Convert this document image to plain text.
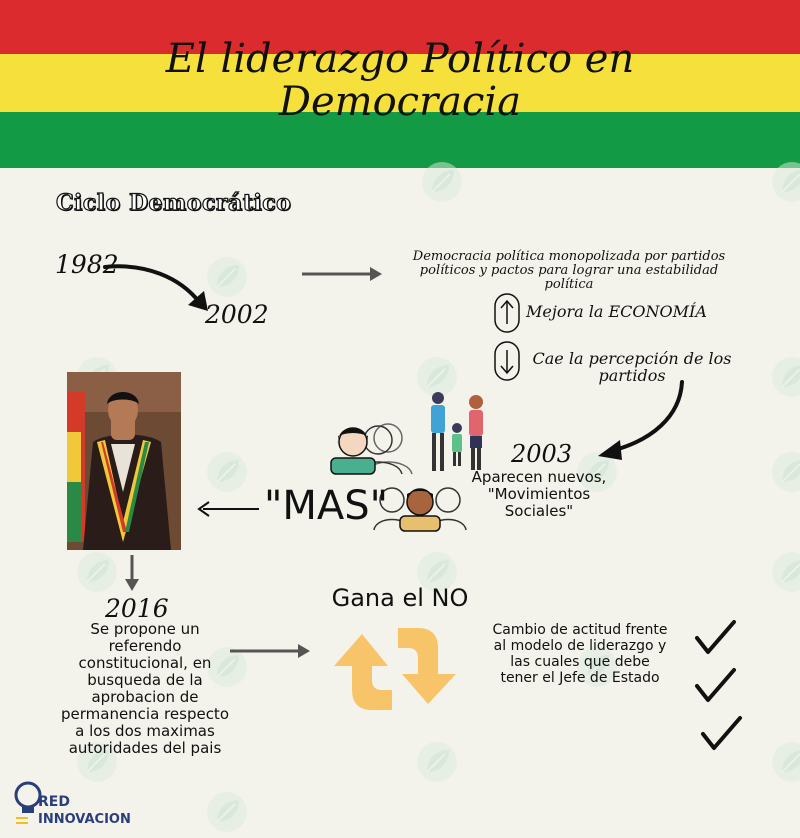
El liderazgo Político en
Democracia
Ciclo Democrático
1982
2002
Democracia política monopolizada por partidos políticos y pactos para lograr una estabilidad política
Mejora la ECONOMÍA
Cae la percepción de los partidos
2003
Aparecen nuevos, "Movimientos Sociales"
"MAS"
2016
Se propone un referendo constitucional, en busqueda de la aprobacion de permanencia respecto a los dos maximas autoridades del pais
Gana el NO
Cambio de actitud frente al modelo de liderazgo y las cuales que debe tener el Jefe de Estado
RED
INNOVACION
